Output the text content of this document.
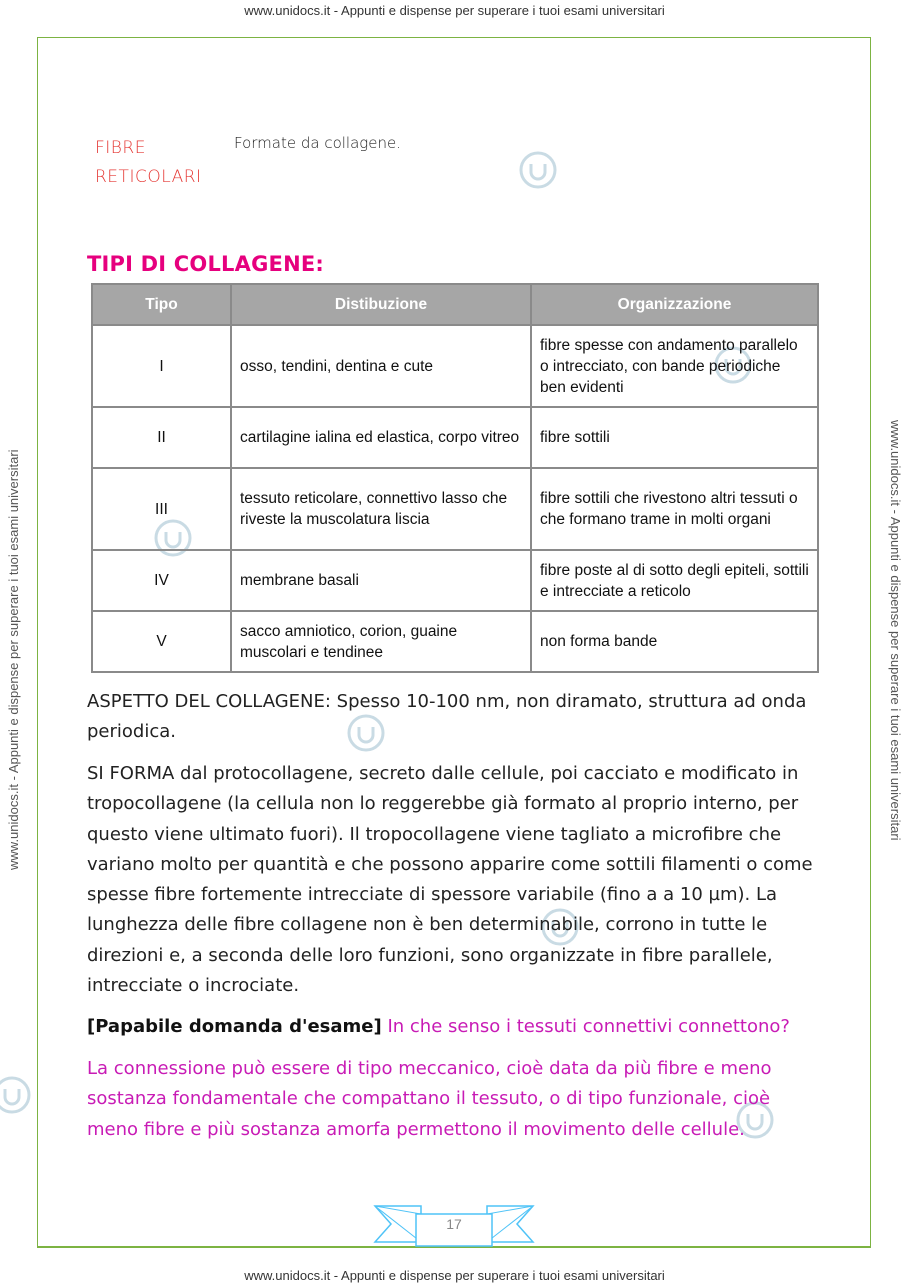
www.unidocs.it - Appunti e dispense per superare i tuoi esami universitari
www.unidocs.it - Appunti e dispense per superare i tuoi esami universitari
www.unidocs.it - Appunti e dispense per superare i tuoi esami universitari	www.unidocs.it - Appunti e dispense per superare i tuoi esami universitari
FIBRE RETICOLARI
Formate da collagene.
TIPI DI COLLAGENE:
Tipo	Distibuzione	Organizzazione
I	osso, tendini, dentina e cute	fibre spesse con andamento parallelo o intrecciato, con bande periodiche ben evidenti
II	cartilagine ialina ed elastica, corpo vitreo	fibre sottili
III	tessuto reticolare, connettivo lasso che riveste la muscolatura liscia	fibre sottili che rivestono altri tessuti o che formano trame in molti organi
IV	membrane basali	fibre poste al di sotto degli epiteli, sottili e intrecciate a reticolo
V	sacco amniotico, corion, guaine muscolari e tendinee	non forma bande
ASPETTO DEL COLLAGENE: Spesso 10-100 nm, non diramato, struttura ad onda periodica.
SI FORMA dal protocollagene, secreto dalle cellule, poi cacciato e modificato in tropocollagene (la cellula non lo reggerebbe già formato al proprio interno, per questo viene ultimato fuori). Il tropocollagene viene tagliato a microfibre che variano molto per quantità e che possono apparire come sottili filamenti o come spesse fibre fortemente intrecciate di spessore variabile (fino a a 10 µm). La lunghezza delle fibre collagene non è ben determinabile, corrono in tutte le direzioni e, a seconda delle loro funzioni, sono organizzate in fibre parallele, intrecciate o incrociate.
[Papabile domanda d'esame] In che senso i tessuti connettivi connettono?
La connessione può essere di tipo meccanico, cioè data da più fibre e meno sostanza fondamentale che compattano il tessuto, o di tipo funzionale, cioè meno fibre e più sostanza amorfa permettono il movimento delle cellule.
17
